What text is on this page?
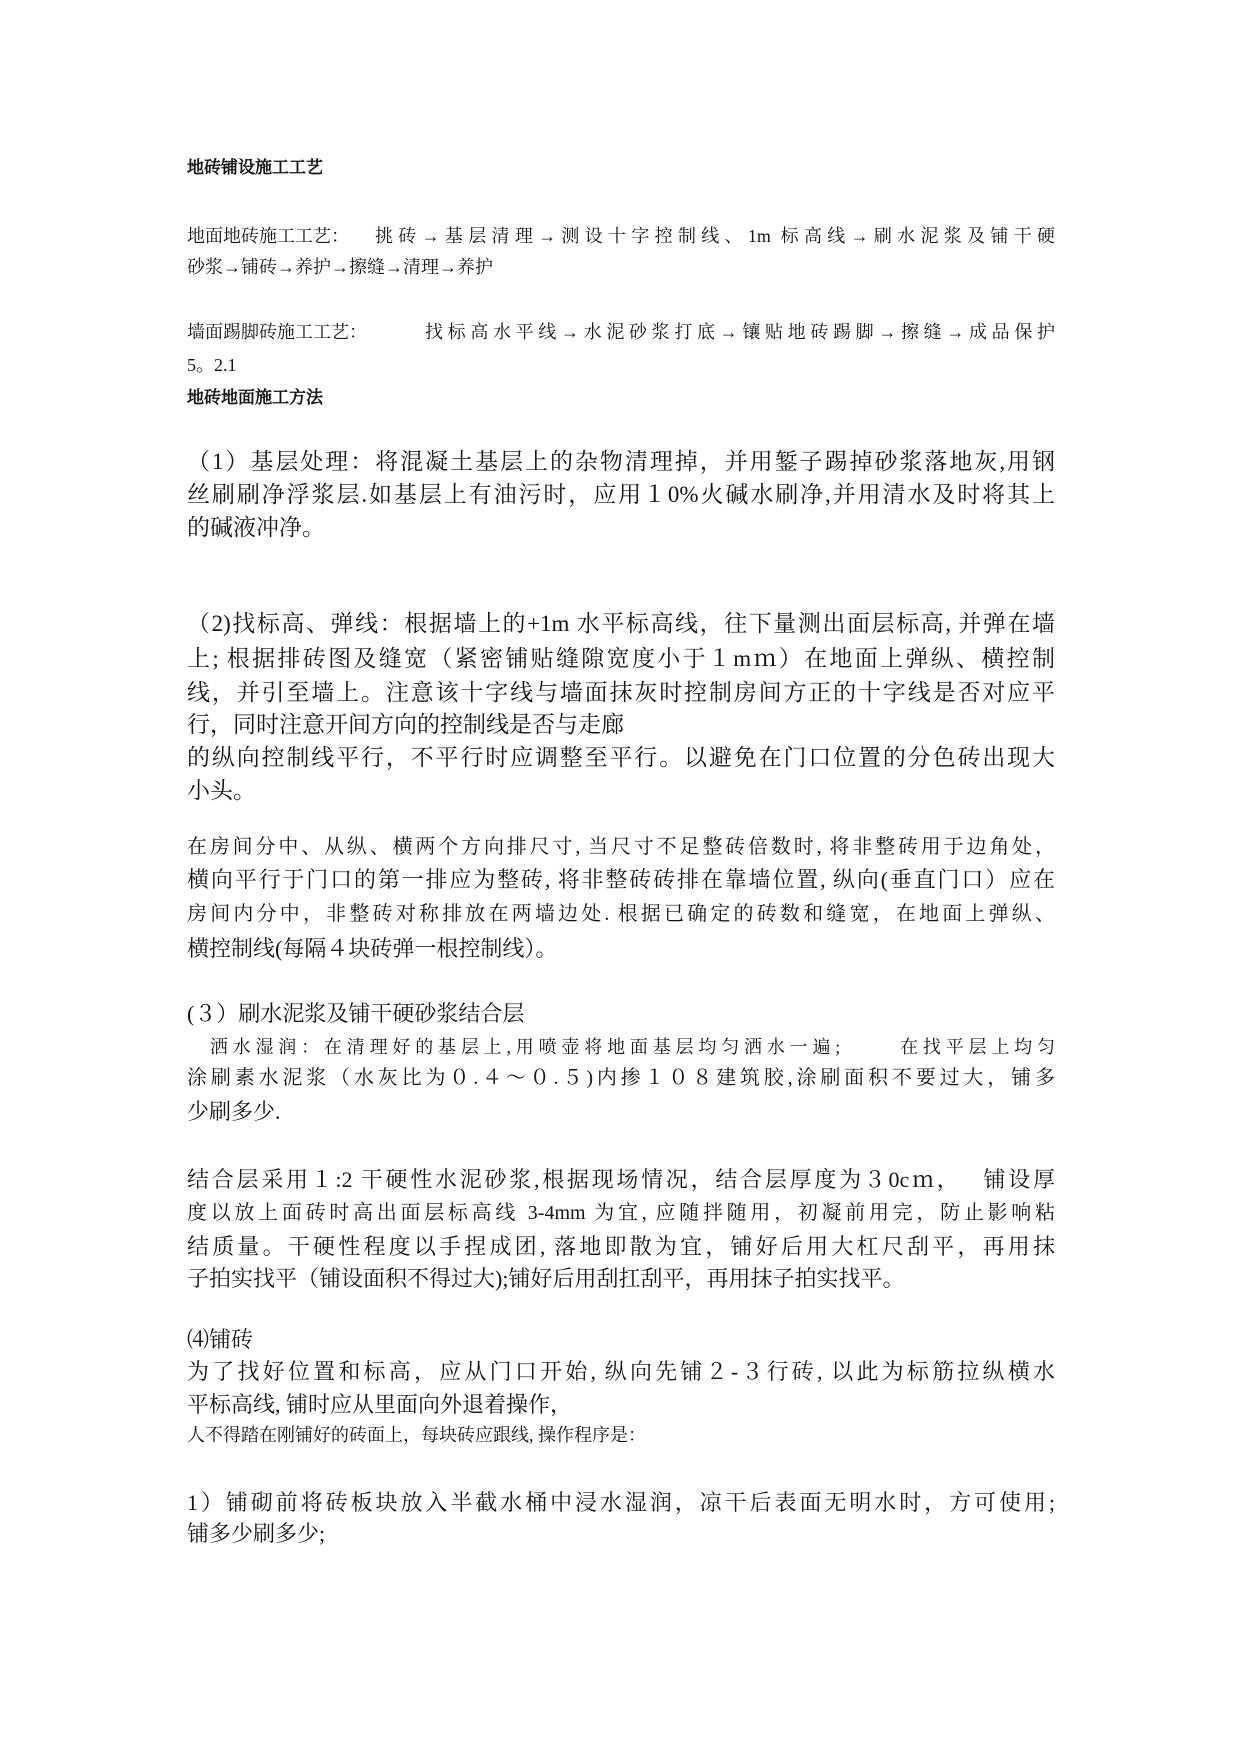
地砖铺设施工工艺
地面地砖施工工艺： 挑砖→基层清理→测设十字控制线、1m 标高线→刷水泥浆及铺干硬
砂浆→铺砖→养护→擦缝→清理→养护
墙面踢脚砖施工工艺：	找标高水平线→水泥砂浆打底→镶贴地砖踢脚→擦缝→成品保护
5。2.1
地砖地面施工方法
（1）基层处理：将混凝土基层上的杂物清理掉，并用錾子踢掉砂浆落地灰,用钢
丝刷刷净浮浆层.如基层上有油污时，应用１0%火碱水刷净,并用清水及时将其上
的碱液冲净。
（2)找标高、弹线：根据墙上的+1m 水平标高线，往下量测出面层标高, 并弹在墙
上; 根据排砖图及缝宽（紧密铺贴缝隙宽度小于１mｍ）在地面上弹纵、横控制
线，并引至墙上。注意该十字线与墙面抹灰时控制房间方正的十字线是否对应平
行，同时注意开间方向的控制线是否与走廊
的纵向控制线平行，不平行时应调整至平行。以避免在门口位置的分色砖出现大
小头。
在房间分中、从纵、横两个方向排尺寸, 当尺寸不足整砖倍数时, 将非整砖用于边角处，
横向平行于门口的第一排应为整砖, 将非整砖砖排在靠墙位置, 纵向(垂直门口）应在
房间内分中，非整砖对称排放在两墙边处. 根据已确定的砖数和缝宽，在地面上弹纵、
横控制线(每隔４块砖弹一根控制线）。
(３）刷水泥浆及铺干硬砂浆结合层
　洒水湿润：在清理好的基层上,用喷壶将地面基层均匀洒水一遍;　　 在找平层上均匀
涂刷素水泥浆（水灰比为０.４～０.５)内掺１０８建筑胶,涂刷面积不要过大，铺多
少刷多少.
结合层采用１:2 干硬性水泥砂浆,根据现场情况，结合层厚度为３0cｍ，　 铺设厚
度以放上面砖时高出面层标高线 3-4mm 为宜, 应随拌随用，初凝前用完，防止影响粘
结质量。干硬性程度以手捏成团, 落地即散为宜，铺好后用大杠尺刮平，再用抹
子拍实找平（铺设面积不得过大);铺好后用刮扛刮平，再用抹子拍实找平。
⑷铺砖
为了找好位置和标高，应从门口开始, 纵向先铺２-３行砖, 以此为标筋拉纵横水
平标高线, 铺时应从里面向外退着操作，
人不得踏在刚铺好的砖面上，每块砖应跟线, 操作程序是：
1）铺砌前将砖板块放入半截水桶中浸水湿润，凉干后表面无明水时，方可使用;
铺多少刷多少;
